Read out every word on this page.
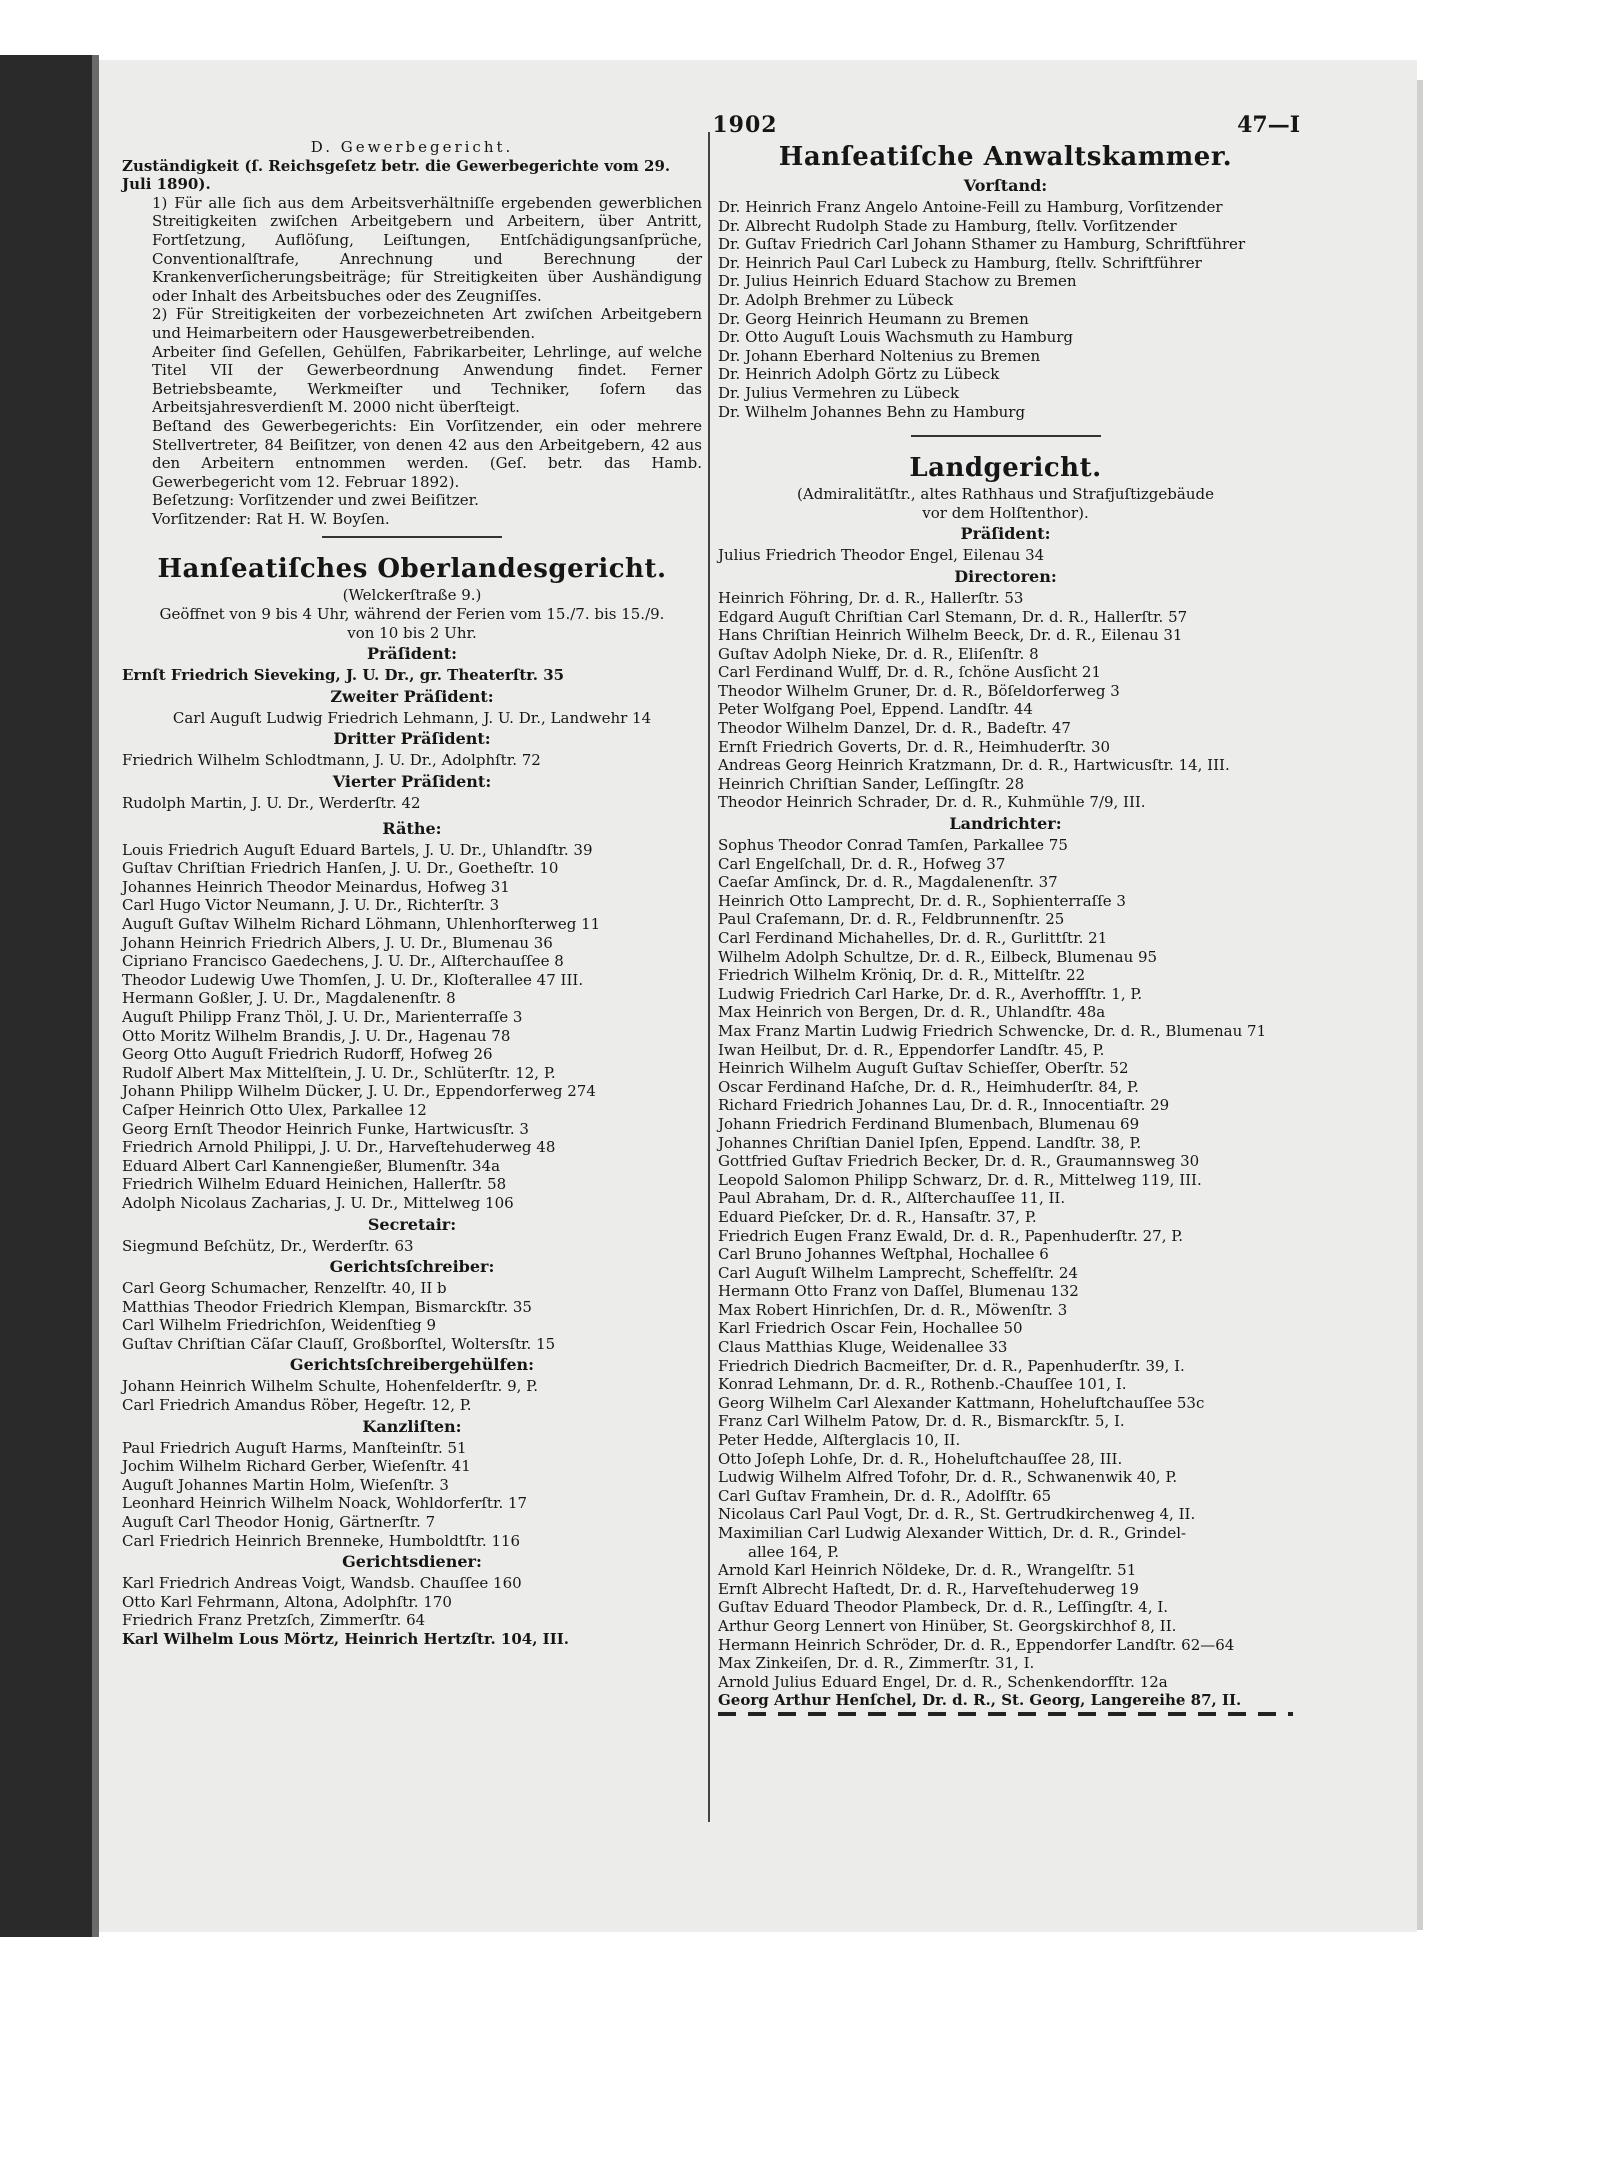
1902	47—I

D. Gewerbegericht.

Zuständigkeit (ſ. Reichsgeſetz betr. die Gewerbegerichte vom 29. Juli 1890).

1) Für alle ſich aus dem Arbeitsverhältniſſe ergebenden gewerblichen Streitigkeiten zwiſchen Arbeitgebern und Arbeitern, über Antritt, Fortſetzung, Auflöſung, Leiſtungen, Entſchädigungsanſprüche, Conventionalſtrafe, Anrechnung und Berechnung der Krankenverſicherungsbeiträge; für Streitigkeiten über Aushändigung oder Inhalt des Arbeitsbuches oder des Zeugniſſes.

2) Für Streitigkeiten der vorbezeichneten Art zwiſchen Arbeitgebern und Heimarbeitern oder Hausgewerbetreibenden.

Arbeiter ſind Geſellen, Gehülfen, Fabrikarbeiter, Lehrlinge, auf welche Titel VII der Gewerbeordnung Anwendung findet. Ferner Betriebsbeamte, Werkmeiſter und Techniker, ſofern das Arbeitsjahresverdienſt M. 2000 nicht überſteigt.

Beſtand des Gewerbegerichts: Ein Vorſitzender, ein oder mehrere Stellvertreter, 84 Beiſitzer, von denen 42 aus den Arbeitgebern, 42 aus den Arbeitern entnommen werden. (Geſ. betr. das Hamb. Gewerbegericht vom 12. Februar 1892).

Beſetzung: Vorſitzender und zwei Beiſitzer.

Vorſitzender: Rat H. W. Boyſen.

Hanſeatiſches Oberlandesgericht.

(Welckerſtraße 9.)

Geöffnet von 9 bis 4 Uhr, während der Ferien vom 15./7. bis 15./9.

von 10 bis 2 Uhr.

Präſident:

Ernſt Friedrich Sieveking, J. U. Dr., gr. Theaterſtr. 35

Zweiter Präſident:

Carl Auguſt Ludwig Friedrich Lehmann, J. U. Dr., Landwehr 14

Dritter Präſident:

Friedrich Wilhelm Schlodtmann, J. U. Dr., Adolphſtr. 72

Vierter Präſident:

Rudolph Martin, J. U. Dr., Werderſtr. 42

Räthe:

Louis Friedrich Auguſt Eduard Bartels, J. U. Dr., Uhlandſtr. 39

Guſtav Chriſtian Friedrich Hanſen, J. U. Dr., Goetheſtr. 10

Johannes Heinrich Theodor Meinardus, Hofweg 31

Carl Hugo Victor Neumann, J. U. Dr., Richterſtr. 3

Auguſt Guſtav Wilhelm Richard Löhmann, Uhlenhorſterweg 11

Johann Heinrich Friedrich Albers, J. U. Dr., Blumenau 36

Cipriano Francisco Gaedechens, J. U. Dr., Alſterchauſſee 8

Theodor Ludewig Uwe Thomſen, J. U. Dr., Kloſterallee 47 III.

Hermann Goßler, J. U. Dr., Magdalenenſtr. 8

Auguſt Philipp Franz Thöl, J. U. Dr., Marienterraſſe 3

Otto Moritz Wilhelm Brandis, J. U. Dr., Hagenau 78

Georg Otto Auguſt Friedrich Rudorff, Hofweg 26

Rudolf Albert Max Mittelſtein, J. U. Dr., Schlüterſtr. 12, P.

Johann Philipp Wilhelm Dücker, J. U. Dr., Eppendorferweg 274

Caſper Heinrich Otto Ulex, Parkallee 12

Georg Ernſt Theodor Heinrich Funke, Hartwicusſtr. 3

Friedrich Arnold Philippi, J. U. Dr., Harveſtehuderweg 48

Eduard Albert Carl Kannengießer, Blumenſtr. 34a

Friedrich Wilhelm Eduard Heinichen, Hallerſtr. 58

Adolph Nicolaus Zacharias, J. U. Dr., Mittelweg 106

Secretair:

Siegmund Beſchütz, Dr., Werderſtr. 63

Gerichtsſchreiber:

Carl Georg Schumacher, Renzelſtr. 40, II b

Matthias Theodor Friedrich Klempan, Bismarckſtr. 35

Carl Wilhelm Friedrichſon, Weidenſtieg 9

Guſtav Chriſtian Cäſar Clauſſ, Großborſtel, Woltersſtr. 15

Gerichtsſchreibergehülfen:

Johann Heinrich Wilhelm Schulte, Hohenfelderſtr. 9, P.

Carl Friedrich Amandus Röber, Hegeſtr. 12, P.

Kanzliſten:

Paul Friedrich Auguſt Harms, Manſteinſtr. 51

Jochim Wilhelm Richard Gerber, Wieſenſtr. 41

Auguſt Johannes Martin Holm, Wieſenſtr. 3

Leonhard Heinrich Wilhelm Noack, Wohldorferſtr. 17

Auguſt Carl Theodor Honig, Gärtnerſtr. 7

Carl Friedrich Heinrich Brenneke, Humboldtſtr. 116

Gerichtsdiener:

Karl Friedrich Andreas Voigt, Wandsb. Chauſſee 160

Otto Karl Fehrmann, Altona, Adolphſtr. 170

Friedrich Franz Pretzſch, Zimmerſtr. 64

Karl Wilhelm Lous Mörtz, Heinrich Hertzſtr. 104, III.

Hanſeatiſche Anwaltskammer.
Vorſtand:

Dr. Heinrich Franz Angelo Antoine-Feill zu Hamburg, Vorſitzender

Dr. Albrecht Rudolph Stade zu Hamburg, ſtellv. Vorſitzender

Dr. Guſtav Friedrich Carl Johann Sthamer zu Hamburg, Schriftführer

Dr. Heinrich Paul Carl Lubeck zu Hamburg, ſtellv. Schriftführer

Dr. Julius Heinrich Eduard Stachow zu Bremen

Dr. Adolph Brehmer zu Lübeck

Dr. Georg Heinrich Heumann zu Bremen

Dr. Otto Auguſt Louis Wachsmuth zu Hamburg

Dr. Johann Eberhard Noltenius zu Bremen

Dr. Heinrich Adolph Görtz zu Lübeck

Dr. Julius Vermehren zu Lübeck

Dr. Wilhelm Johannes Behn zu Hamburg

Landgericht.

(Admiralitätſtr., altes Rathhaus und Strafjuſtizgebäude

vor dem Holſtenthor).

Präſident:

Julius Friedrich Theodor Engel, Eilenau 34

Directoren:

Heinrich Föhring, Dr. d. R., Hallerſtr. 53

Edgard Auguſt Chriſtian Carl Stemann, Dr. d. R., Hallerſtr. 57

Hans Chriſtian Heinrich Wilhelm Beeck, Dr. d. R., Eilenau 31

Guſtav Adolph Nieke, Dr. d. R., Eliſenſtr. 8

Carl Ferdinand Wulff, Dr. d. R., ſchöne Ausſicht 21

Theodor Wilhelm Gruner, Dr. d. R., Böſeldorferweg 3

Peter Wolfgang Poel, Eppend. Landſtr. 44

Theodor Wilhelm Danzel, Dr. d. R., Badeſtr. 47

Ernſt Friedrich Goverts, Dr. d. R., Heimhuderſtr. 30

Andreas Georg Heinrich Kratzmann, Dr. d. R., Hartwicusſtr. 14, III.

Heinrich Chriſtian Sander, Leſſingſtr. 28

Theodor Heinrich Schrader, Dr. d. R., Kuhmühle 7/9, III.

Landrichter:

Sophus Theodor Conrad Tamſen, Parkallee 75

Carl Engelſchall, Dr. d. R., Hofweg 37

Caeſar Amſinck, Dr. d. R., Magdalenenſtr. 37

Heinrich Otto Lamprecht, Dr. d. R., Sophienterraſſe 3

Paul Craſemann, Dr. d. R., Feldbrunnenſtr. 25

Carl Ferdinand Michahelles, Dr. d. R., Gurlittſtr. 21

Wilhelm Adolph Schultze, Dr. d. R., Eilbeck, Blumenau 95

Friedrich Wilhelm Kröniq, Dr. d. R., Mittelſtr. 22

Ludwig Friedrich Carl Harke, Dr. d. R., Averhoffſtr. 1, P.

Max Heinrich von Bergen, Dr. d. R., Uhlandſtr. 48a

Max Franz Martin Ludwig Friedrich Schwencke, Dr. d. R., Blumenau 71

Iwan Heilbut, Dr. d. R., Eppendorfer Landſtr. 45, P.

Heinrich Wilhelm Auguſt Guſtav Schieſſer, Oberſtr. 52

Oscar Ferdinand Haſche, Dr. d. R., Heimhuderſtr. 84, P.

Richard Friedrich Johannes Lau, Dr. d. R., Innocentiaſtr. 29

Johann Friedrich Ferdinand Blumenbach, Blumenau 69

Johannes Chriſtian Daniel Ipſen, Eppend. Landſtr. 38, P.

Gottfried Guſtav Friedrich Becker, Dr. d. R., Graumannsweg 30

Leopold Salomon Philipp Schwarz, Dr. d. R., Mittelweg 119, III.

Paul Abraham, Dr. d. R., Alſterchauſſee 11, II.

Eduard Pieſcker, Dr. d. R., Hansaſtr. 37, P.

Friedrich Eugen Franz Ewald, Dr. d. R., Papenhuderſtr. 27, P.

Carl Bruno Johannes Weſtphal, Hochallee 6

Carl Auguſt Wilhelm Lamprecht, Scheffelſtr. 24

Hermann Otto Franz von Daſſel, Blumenau 132

Max Robert Hinrichſen, Dr. d. R., Möwenſtr. 3

Karl Friedrich Oscar Fein, Hochallee 50

Claus Matthias Kluge, Weidenallee 33

Friedrich Diedrich Bacmeiſter, Dr. d. R., Papenhuderſtr. 39, I.

Konrad Lehmann, Dr. d. R., Rothenb.-Chauſſee 101, I.

Georg Wilhelm Carl Alexander Kattmann, Hoheluftchauſſee 53c

Franz Carl Wilhelm Patow, Dr. d. R., Bismarckſtr. 5, I.

Peter Hedde, Alſterglacis 10, II.

Otto Joſeph Lohſe, Dr. d. R., Hoheluftchauſſee 28, III.

Ludwig Wilhelm Alfred Tofohr, Dr. d. R., Schwanenwik 40, P.

Carl Guſtav Framhein, Dr. d. R., Adolfſtr. 65

Nicolaus Carl Paul Vogt, Dr. d. R., St. Gertrudkirchenweg 4, II.

Maximilian Carl Ludwig Alexander Wittich, Dr. d. R., Grindel-

allee 164, P.

Arnold Karl Heinrich Nöldeke, Dr. d. R., Wrangelſtr. 51

Ernſt Albrecht Haſtedt, Dr. d. R., Harveſtehuderweg 19

Guſtav Eduard Theodor Plambeck, Dr. d. R., Leſſingſtr. 4, I.

Arthur Georg Lennert von Hinüber, St. Georgskirchhof 8, II.

Hermann Heinrich Schröder, Dr. d. R., Eppendorfer Landſtr. 62—64

Max Zinkeiſen, Dr. d. R., Zimmerſtr. 31, I.

Arnold Julius Eduard Engel, Dr. d. R., Schenkendorfſtr. 12a

Georg Arthur Henſchel, Dr. d. R., St. Georg, Langereihe 87, II.
